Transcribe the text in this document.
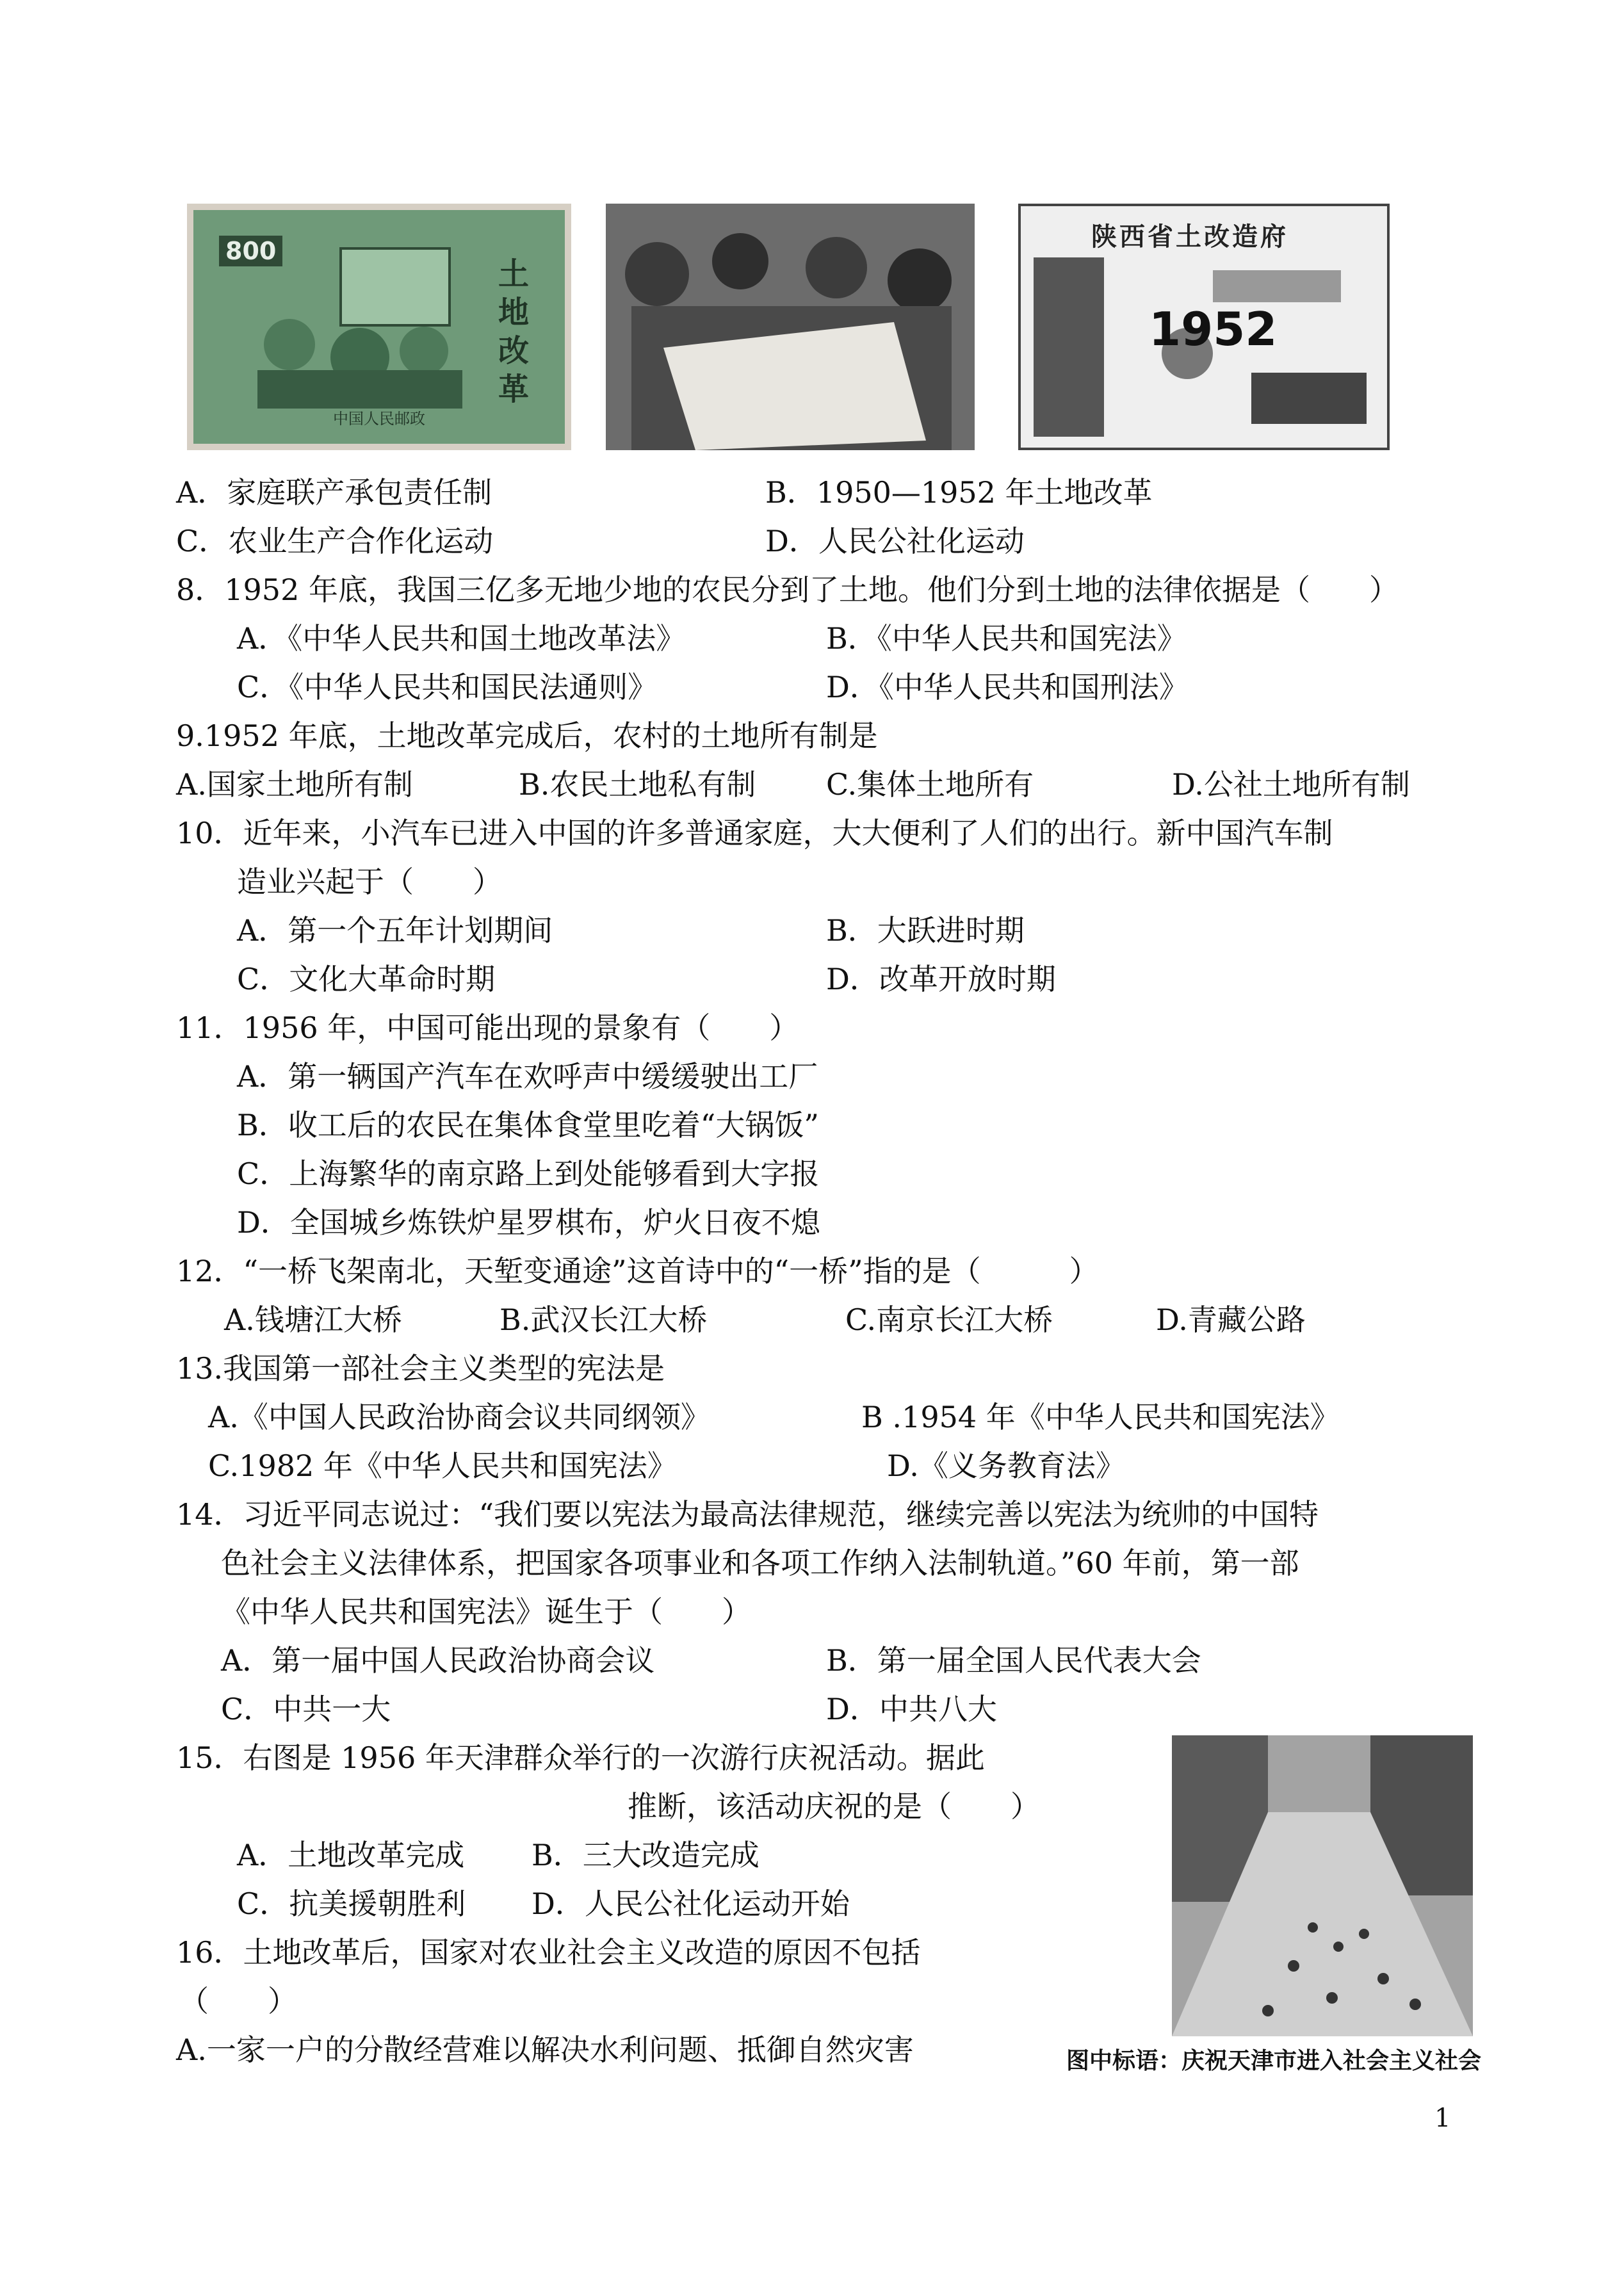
800
土地改革
中国人民邮政
陕西省土改造府
1952
A．家庭联产承包责任制	B．1950—1952 年土地改革
C．农业生产合作化运动	D．人民公社化运动
8．1952 年底，我国三亿多无地少地的农民分到了土地。他们分到土地的法律依据是（　　）
A．《中华人民共和国土地改革法》	B．《中华人民共和国宪法》
C．《中华人民共和国民法通则》	D．《中华人民共和国刑法》
9.1952 年底，土地改革完成后，农村的土地所有制是
A.国家土地所有制	B.农民土地私有制 C.集体土地所有	D.公社土地所有制
10．近年来，小汽车已进入中国的许多普通家庭，大大便利了人们的出行。新中国汽车制
造业兴起于（　　）
A．第一个五年计划期间	B．大跃进时期
C．文化大革命时期	D．改革开放时期
11．1956 年，中国可能出现的景象有（　　）
A．第一辆国产汽车在欢呼声中缓缓驶出工厂
B．收工后的农民在集体食堂里吃着“大锅饭”
C．上海繁华的南京路上到处能够看到大字报
D．全国城乡炼铁炉星罗棋布，炉火日夜不熄
12．“一桥飞架南北，天堑变通途”这首诗中的“一桥”指的是（　　　）
A.钱塘江大桥	B.武汉长江大桥	C.南京长江大桥	D.青藏公路
13.我国第一部社会主义类型的宪法是
A.《中国人民政治协商会议共同纲领》	B .1954 年《中华人民共和国宪法》
C.1982 年《中华人民共和国宪法》	D.《义务教育法》
14．习近平同志说过：“我们要以宪法为最高法律规范，继续完善以宪法为统帅的中国特
色社会主义法律体系，把国家各项事业和各项工作纳入法制轨道。”60 年前，第一部
《中华人民共和国宪法》诞生于（　　）
A．第一届中国人民政治协商会议	B．第一届全国人民代表大会
C．中共一大	D．中共八大
15．右图是 1956 年天津群众举行的一次游行庆祝活动。据此
推断，该活动庆祝的是（　　）
A．土地改革完成 B．三大改造完成
C．抗美援朝胜利 D．人民公社化运动开始
图中标语：庆祝天津市进入社会主义社会
16．土地改革后，国家对农业社会主义改造的原因不包括
（　　）
A.一家一户的分散经营难以解决水利问题、抵御自然灾害
1
